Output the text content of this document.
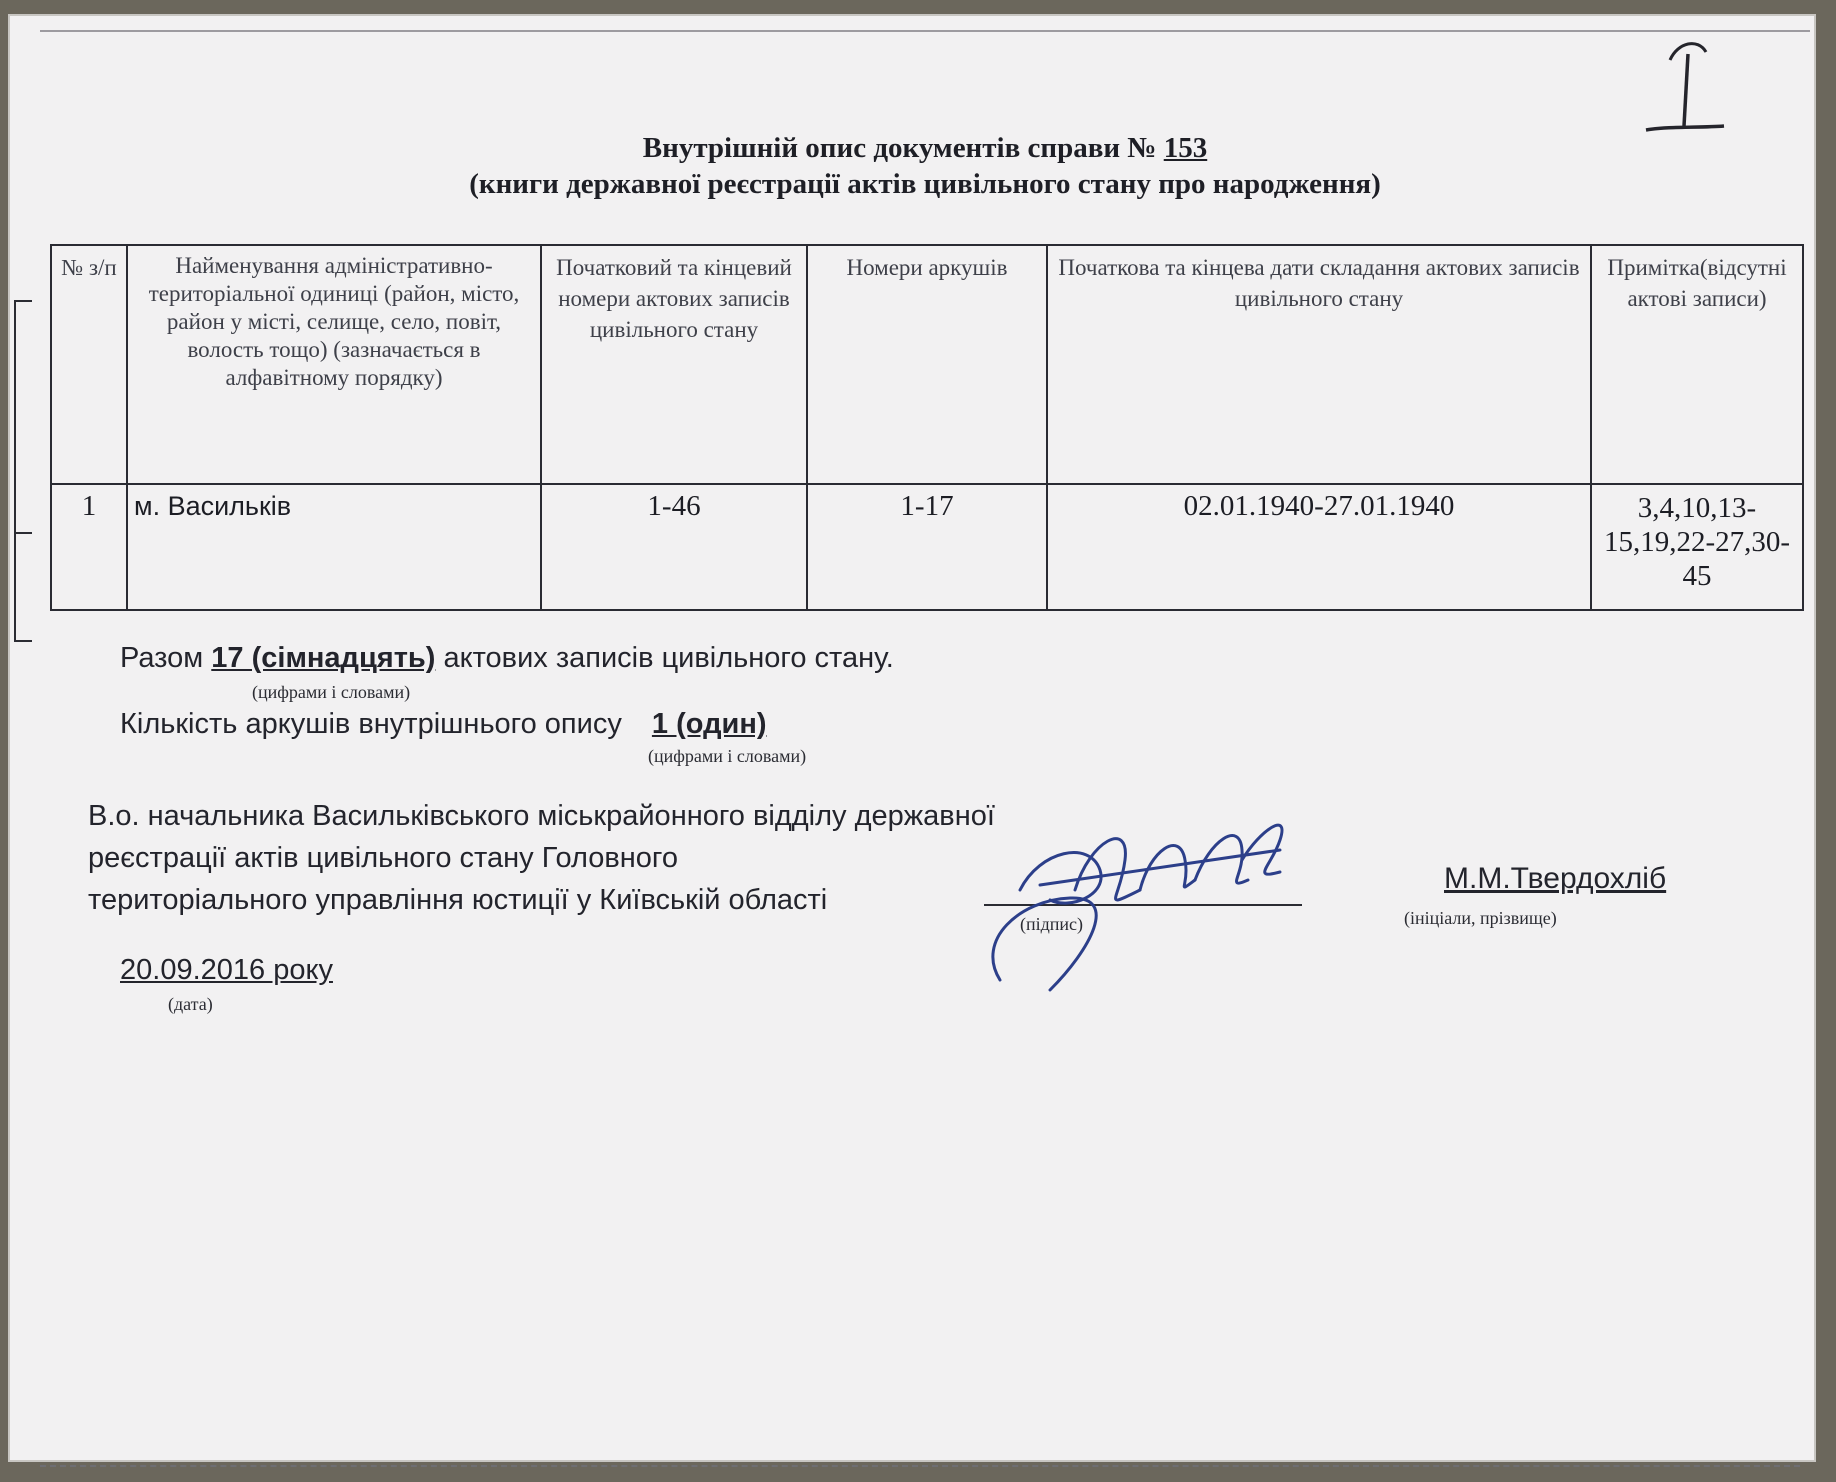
1
Внутрішній опис документів справи № 153
(книги державної реєстрації актів цивільного стану про народження)
№ з/п	Найменування адміністративно-територіальної одиниці (район, місто, район у місті, селище, село, повіт, волость тощо) (зазначається в алфавітному порядку)	Початковий та кінцевий номери актових записів цивільного стану	Номери аркушів	Початкова та кінцева дати складання актових записів цивільного стану	Примітка(відсутні актові записи)
1	м. Васильків	1-46	1-17	02.01.1940-27.01.1940	3,4,10,13-15,19,22-27,30-45
Разом 17 (сімнадцять) актових записів цивільного стану.
(цифрами і словами)
Кількість аркушів внутрішнього опису 1 (один)
(цифрами і словами)
В.о. начальника Васильківського міськрайонного відділу державної
реєстрації актів цивільного стану Головного
територіального управління юстиції у Київській області
(підпис)
М.М.Твердохліб
(ініціали, прізвище)
20.09.2016 року
(дата)
